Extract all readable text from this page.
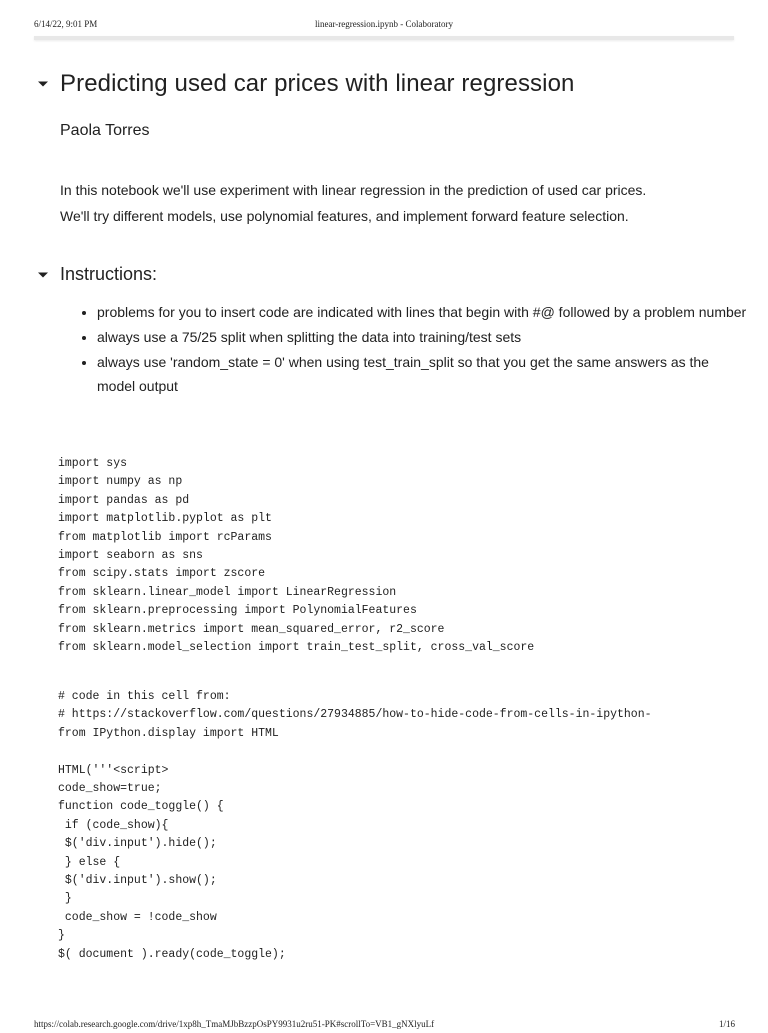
6/14/22, 9:01 PM	linear-regression.ipynb - Colaboratory
Predicting used car prices with linear regression
Paola Torres
In this notebook we'll use experiment with linear regression in the prediction of used car prices.
We'll try different models, use polynomial features, and implement forward feature selection.
Instructions:
• problems for you to insert code are indicated with lines that begin with #@ followed by a problem number
• always use a 75/25 split when splitting the data into training/test sets
• always use 'random_state = 0' when using test_train_split so that you get the same answers as the model output
import sys
import numpy as np
import pandas as pd
import matplotlib.pyplot as plt
from matplotlib import rcParams
import seaborn as sns
from scipy.stats import zscore
from sklearn.linear_model import LinearRegression
from sklearn.preprocessing import PolynomialFeatures
from sklearn.metrics import mean_squared_error, r2_score
from sklearn.model_selection import train_test_split, cross_val_score
# code in this cell from:
# https://stackoverflow.com/questions/27934885/how-to-hide-code-from-cells-in-ipython-
from IPython.display import HTML

HTML('''<script>
code_show=true;
function code_toggle() {
if (code_show){
$('div.input').hide();
} else {
$('div.input').show();
}
code_show = !code_show
}
$( document ).ready(code_toggle);
https://colab.research.google.com/drive/1xp8h_TmaMJbBzzpOsPY9931u2ru51-PK#scrollTo=VB1_gNXlyuLf	1/16
